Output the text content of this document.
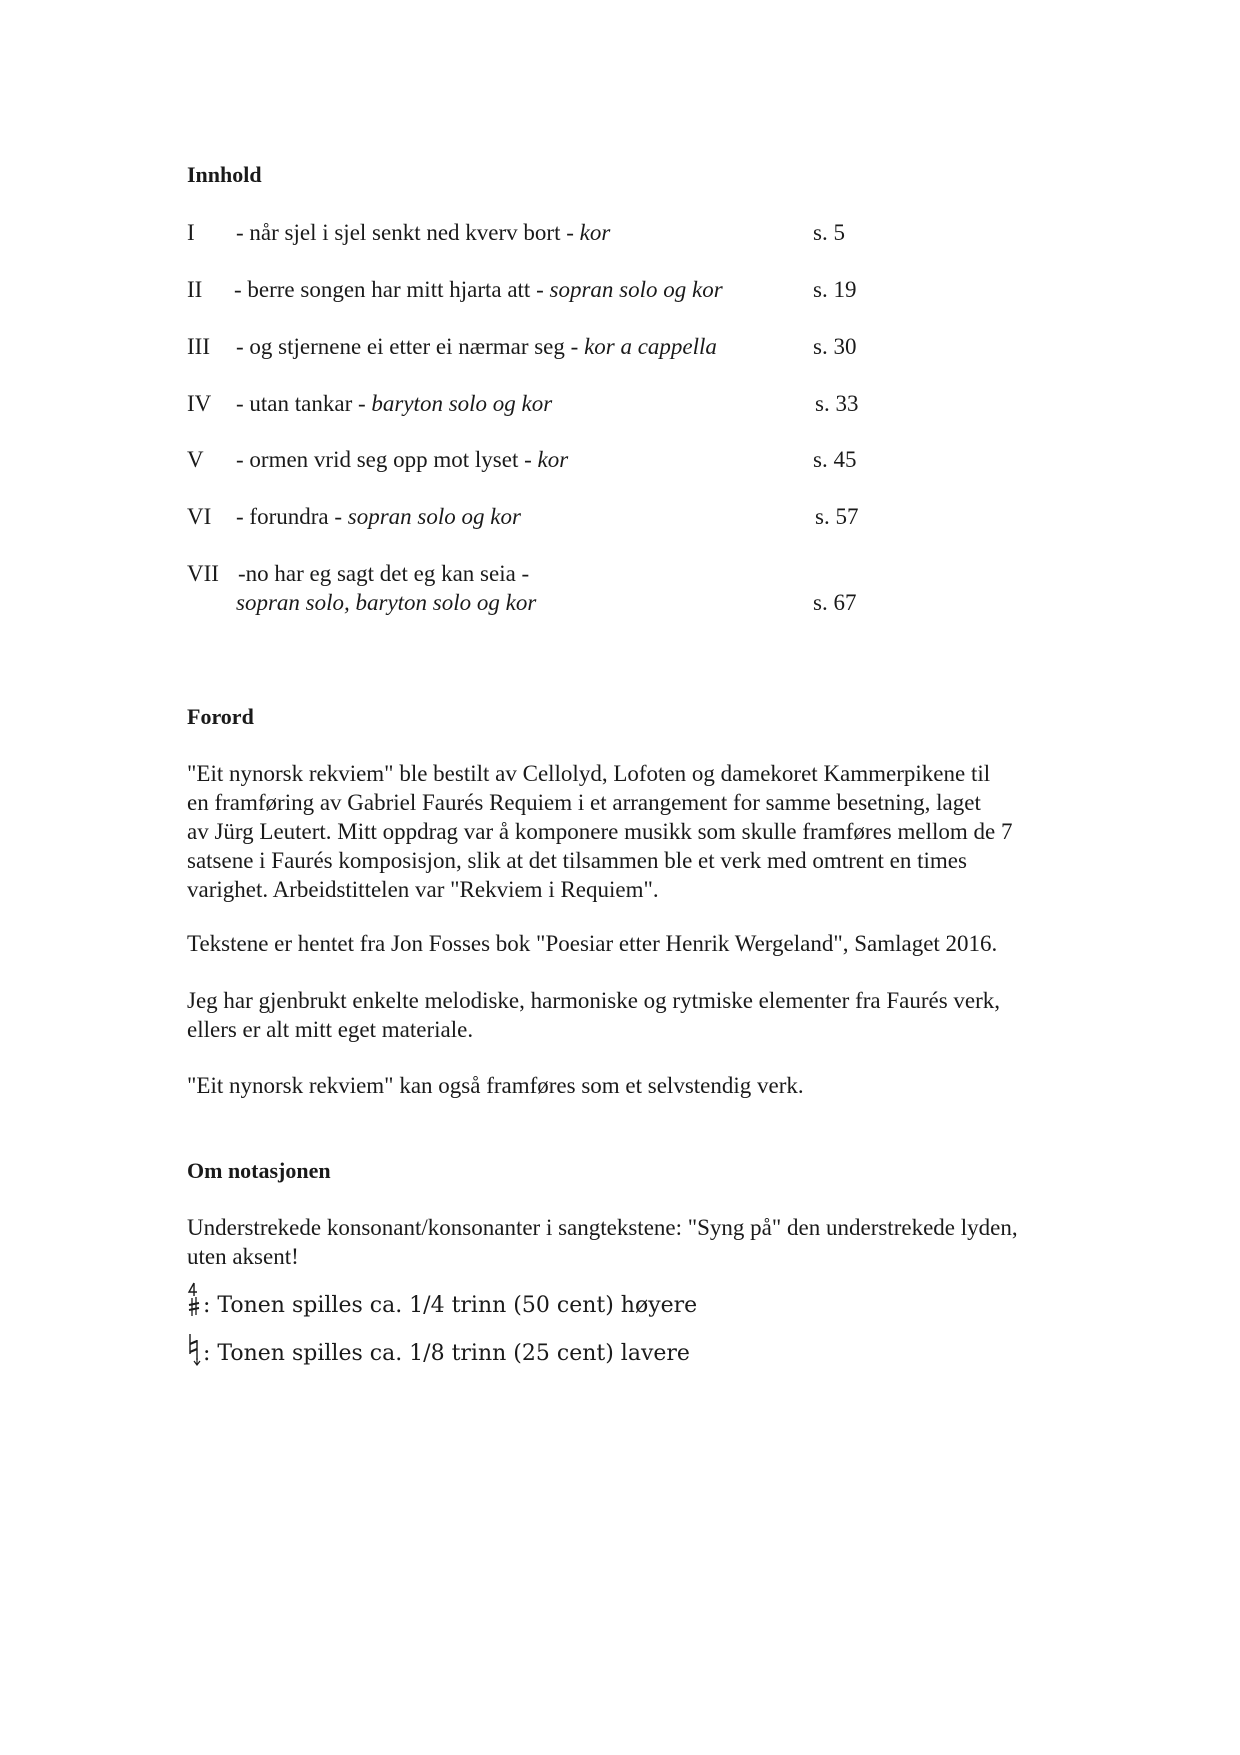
Innhold
I - når sjel i sjel senkt ned kverv bort - kor	s. 5
II - berre songen har mitt hjarta att - sopran solo og kor	s. 19
III - og stjernene ei etter ei nærmar seg - kor a cappella	s. 30
IV - utan tankar - baryton solo og kor	s. 33
V - ormen vrid seg opp mot lyset - kor	s. 45
VI - forundra - sopran solo og kor	s. 57
VII -no har eg sagt det eg kan seia -
sopran solo, baryton solo og kor	s. 67
Forord
"Eit nynorsk rekviem" ble bestilt av Cellolyd, Lofoten og damekoret Kammerpikene til
en framføring av Gabriel Faurés Requiem i et arrangement for samme besetning, laget
av Jürg Leutert. Mitt oppdrag var å komponere musikk som skulle framføres mellom de 7
satsene i Faurés komposisjon, slik at det tilsammen ble et verk med omtrent en times
varighet. Arbeidstittelen var "Rekviem i Requiem".
Tekstene er hentet fra Jon Fosses bok "Poesiar etter Henrik Wergeland", Samlaget 2016.
Jeg har gjenbrukt enkelte melodiske, harmoniske og rytmiske elementer fra Faurés verk,
ellers er alt mitt eget materiale.
"Eit nynorsk rekviem" kan også framføres som et selvstendig verk.
Om notasjonen
Understrekede konsonant/konsonanter i sangtekstene: "Syng på" den understrekede lyden,
uten aksent!
: Tonen spilles ca. 1/4 trinn (50 cent) høyere
: Tonen spilles ca. 1/8 trinn (25 cent) lavere
